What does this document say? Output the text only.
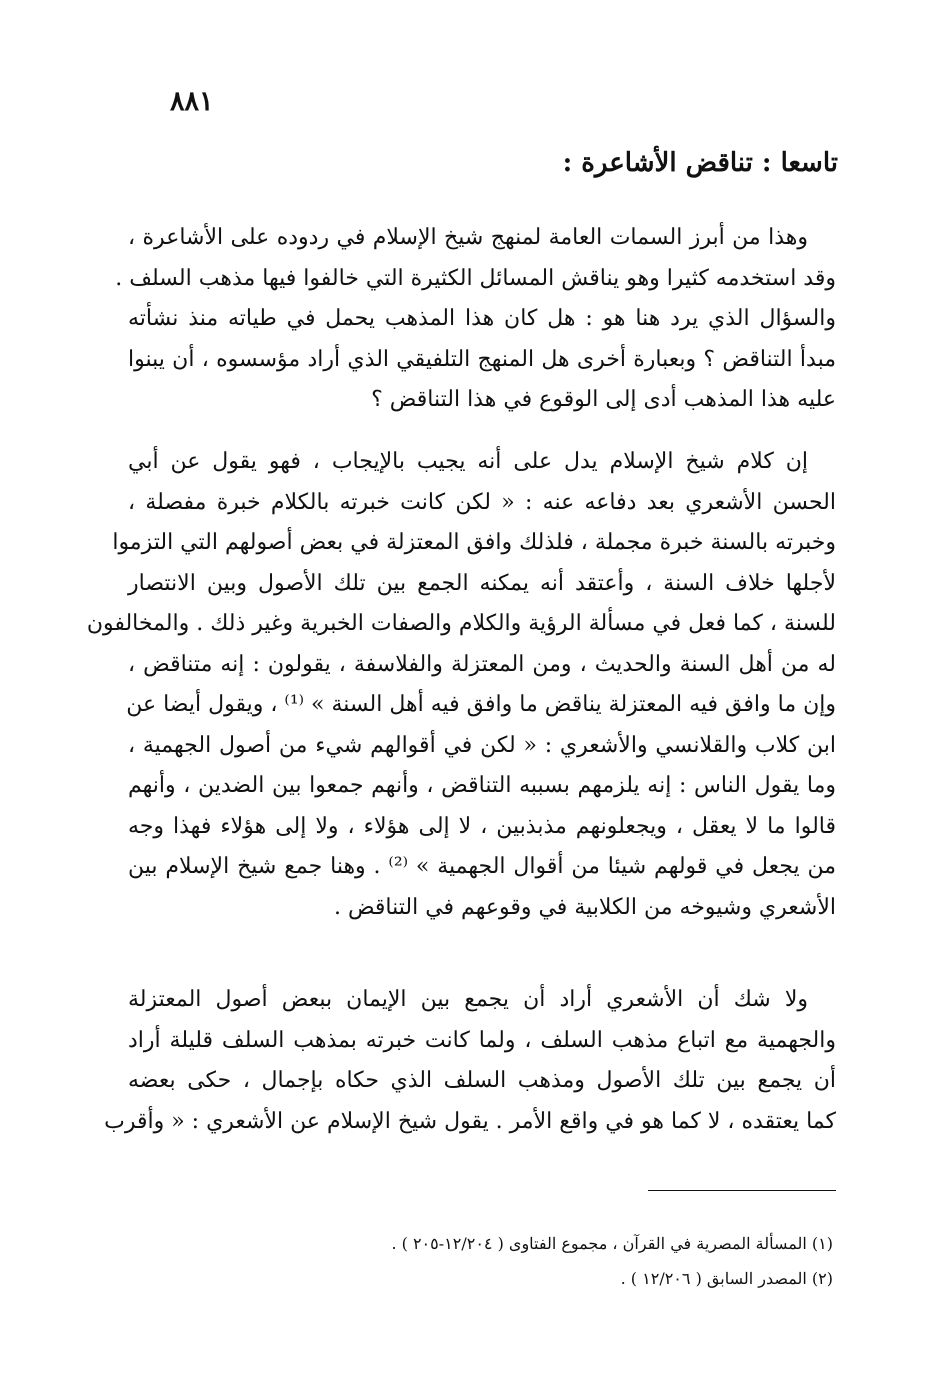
٨٨١
تاسعا : تناقض الأشاعرة :
وهذا من أبرز السمات العامة لمنهج شيخ الإسلام في ردوده على الأشاعرة ،
وقد استخدمه كثيرا وهو يناقش المسائل الكثيرة التي خالفوا فيها مذهب السلف .
والسؤال الذي يرد هنا هو : هل كان هذا المذهب يحمل في طياته منذ نشأته
مبدأ التناقض ؟ وبعبارة أخرى هل المنهج التلفيقي الذي أراد مؤسسوه ، أن يبنوا
عليه هذا المذهب أدى إلى الوقوع في هذا التناقض ؟
إن كلام شيخ الإسلام يدل على أنه يجيب بالإيجاب ، فهو يقول عن أبي
الحسن الأشعري بعد دفاعه عنه : « لكن كانت خبرته بالكلام خبرة مفصلة ،
وخبرته بالسنة خبرة مجملة ، فلذلك وافق المعتزلة في بعض أصولهم التي التزموا
لأجلها خلاف السنة ، وأعتقد أنه يمكنه الجمع بين تلك الأصول وبين الانتصار
للسنة ، كما فعل في مسألة الرؤية والكلام والصفات الخبرية وغير ذلك . والمخالفون
له من أهل السنة والحديث ، ومن المعتزلة والفلاسفة ، يقولون : إنه متناقض ،
وإن ما وافق فيه المعتزلة يناقض ما وافق فيه أهل السنة » ⁽¹⁾ ، ويقول أيضا عن
ابن كلاب والقلانسي والأشعري : « لكن في أقوالهم شيء من أصول الجهمية ،
وما يقول الناس : إنه يلزمهم بسببه التناقض ، وأنهم جمعوا بين الضدين ، وأنهم
قالوا ما لا يعقل ، ويجعلونهم مذبذبين ، لا إلى هؤلاء ، ولا إلى هؤلاء فهذا وجه
من يجعل في قولهم شيئا من أقوال الجهمية » ⁽²⁾ . وهنا جمع شيخ الإسلام بين
الأشعري وشيوخه من الكلابية في وقوعهم في التناقض .
ولا شك أن الأشعري أراد أن يجمع بين الإيمان ببعض أصول المعتزلة
والجهمية مع اتباع مذهب السلف ، ولما كانت خبرته بمذهب السلف قليلة أراد
أن يجمع بين تلك الأصول ومذهب السلف الذي حكاه بإجمال ، حكى بعضه
كما يعتقده ، لا كما هو في واقع الأمر . يقول شيخ الإسلام عن الأشعري : « وأقرب
(١) المسألة المصرية في القرآن ، مجموع الفتاوى ( ١٢/٢٠٤-٢٠٥ ) .
(٢) المصدر السابق ( ١٢/٢٠٦ ) .
